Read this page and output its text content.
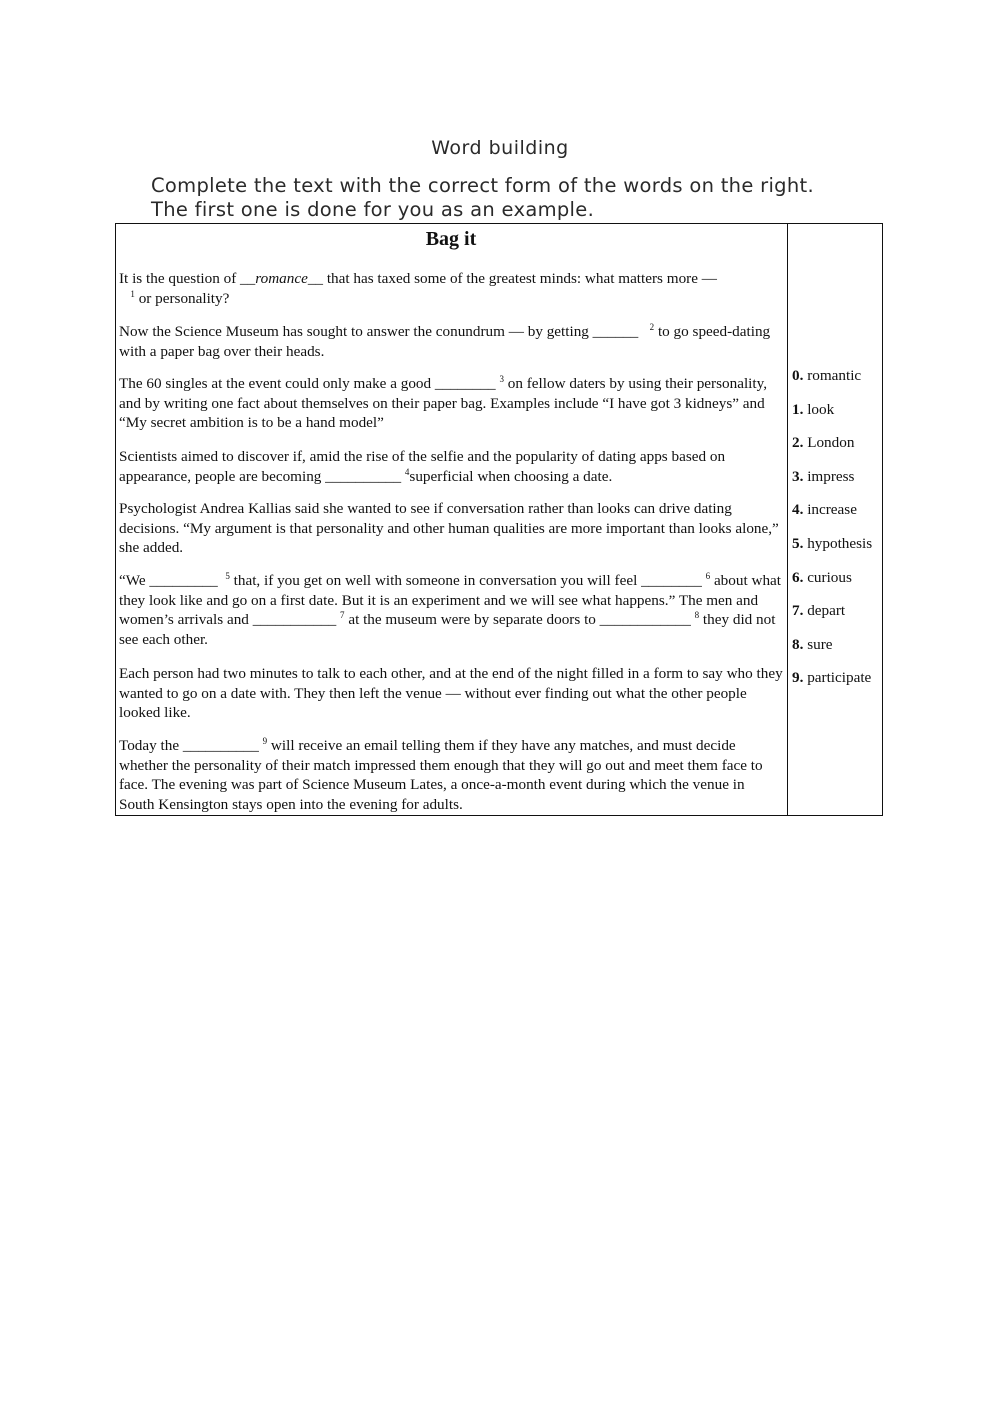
Word building
Complete the text with the correct form of the words on the right.
The first one is done for you as an example.
Bag it
It is the question of __romance__ that has taxed some of the greatest minds: what matters more —
$^1$ or personality?
Now the Science Museum has sought to answer the conundrum — by getting ______   $^2$ to go speed-dating with a paper bag over their heads.
The 60 singles at the event could only make a good ________ $^3$ on fellow daters by using their personality, and by writing one fact about themselves on their paper bag. Examples include “I have got 3 kidneys” and “My secret ambition is to be a hand model”
Scientists aimed to discover if, amid the rise of the selfie and the popularity of dating apps based on appearance, people are becoming __________ $^4$superficial when choosing a date.
Psychologist Andrea Kallias said she wanted to see if conversation rather than looks can drive dating decisions. “My argument is that personality and other human qualities are more important than looks alone,” she added.
“We _________  $^5$ that, if you get on well with someone in conversation you will feel ________ $^6$ about what they look like and go on a first date. But it is an experiment and we will see what happens.” The men and women’s arrivals and ___________ $^7$ at the museum were by separate doors to ____________ $^8$ they did not see each other.
Each person had two minutes to talk to each other, and at the end of the night filled in a form to say who they wanted to go on a date with. They then left the venue — without ever finding out what the other people looked like.
Today the __________ $^9$ will receive an email telling them if they have any matches, and must decide whether the personality of their match impressed them enough that they will go out and meet them face to face. The evening was part of Science Museum Lates, a once-a-month event during which the venue in South Kensington stays open into the evening for adults.
0. romantic
1. look
2. London
3. impress
4. increase
5. hypothesis
6. curious
7. depart
8. sure
9. participate
